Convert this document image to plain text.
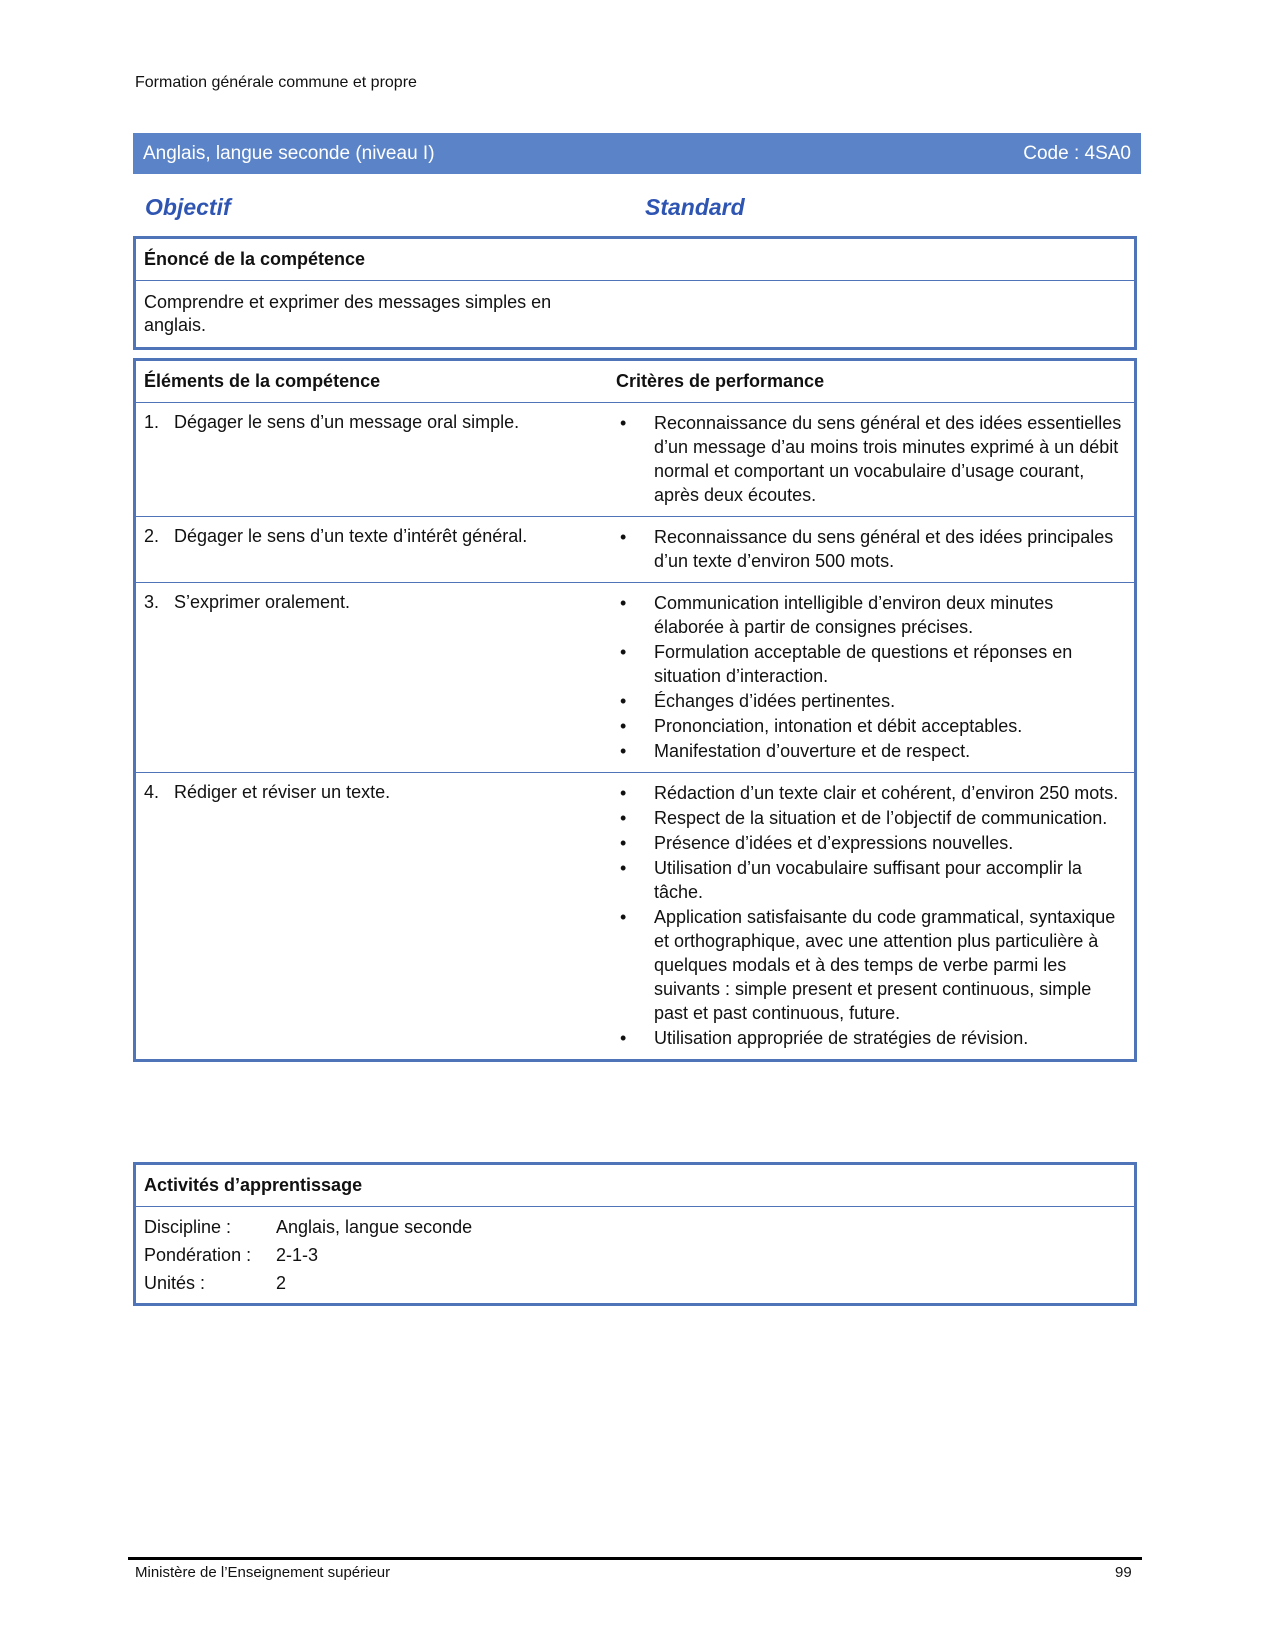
Formation générale commune et propre
Anglais, langue seconde (niveau I)	Code : 4SA0
Objectif	Standard
Énoncé de la compétence
Comprendre et exprimer des messages simples en anglais.
Éléments de la compétence	Critères de performance
1. Dégager le sens d’un message oral simple.	• Reconnaissance du sens général et des idées essentielles d’un message d’au moins trois minutes exprimé à un débit normal et comportant un vocabulaire d’usage courant, après deux écoutes.
2. Dégager le sens d’un texte d’intérêt général.	• Reconnaissance du sens général et des idées principales d’un texte d’environ 500 mots.
3. S’exprimer oralement.	• Communication intelligible d’environ deux minutes élaborée à partir de consignes précises.
• Formulation acceptable de questions et réponses en situation d’interaction.
• Échanges d’idées pertinentes.
• Prononciation, intonation et débit acceptables.
• Manifestation d’ouverture et de respect.
4. Rédiger et réviser un texte.	• Rédaction d’un texte clair et cohérent, d’environ 250 mots.
• Respect de la situation et de l’objectif de communication.
• Présence d’idées et d’expressions nouvelles.
• Utilisation d’un vocabulaire suffisant pour accomplir la tâche.
• Application satisfaisante du code grammatical, syntaxique et orthographique, avec une attention plus particulière à quelques modals et à des temps de verbe parmi les suivants : simple present et present continuous, simple past et past continuous, future.
• Utilisation appropriée de stratégies de révision.
Activités d’apprentissage
Discipline : Anglais, langue seconde
Pondération : 2-1-3
Unités :	2
Ministère de l’Enseignement supérieur	99
